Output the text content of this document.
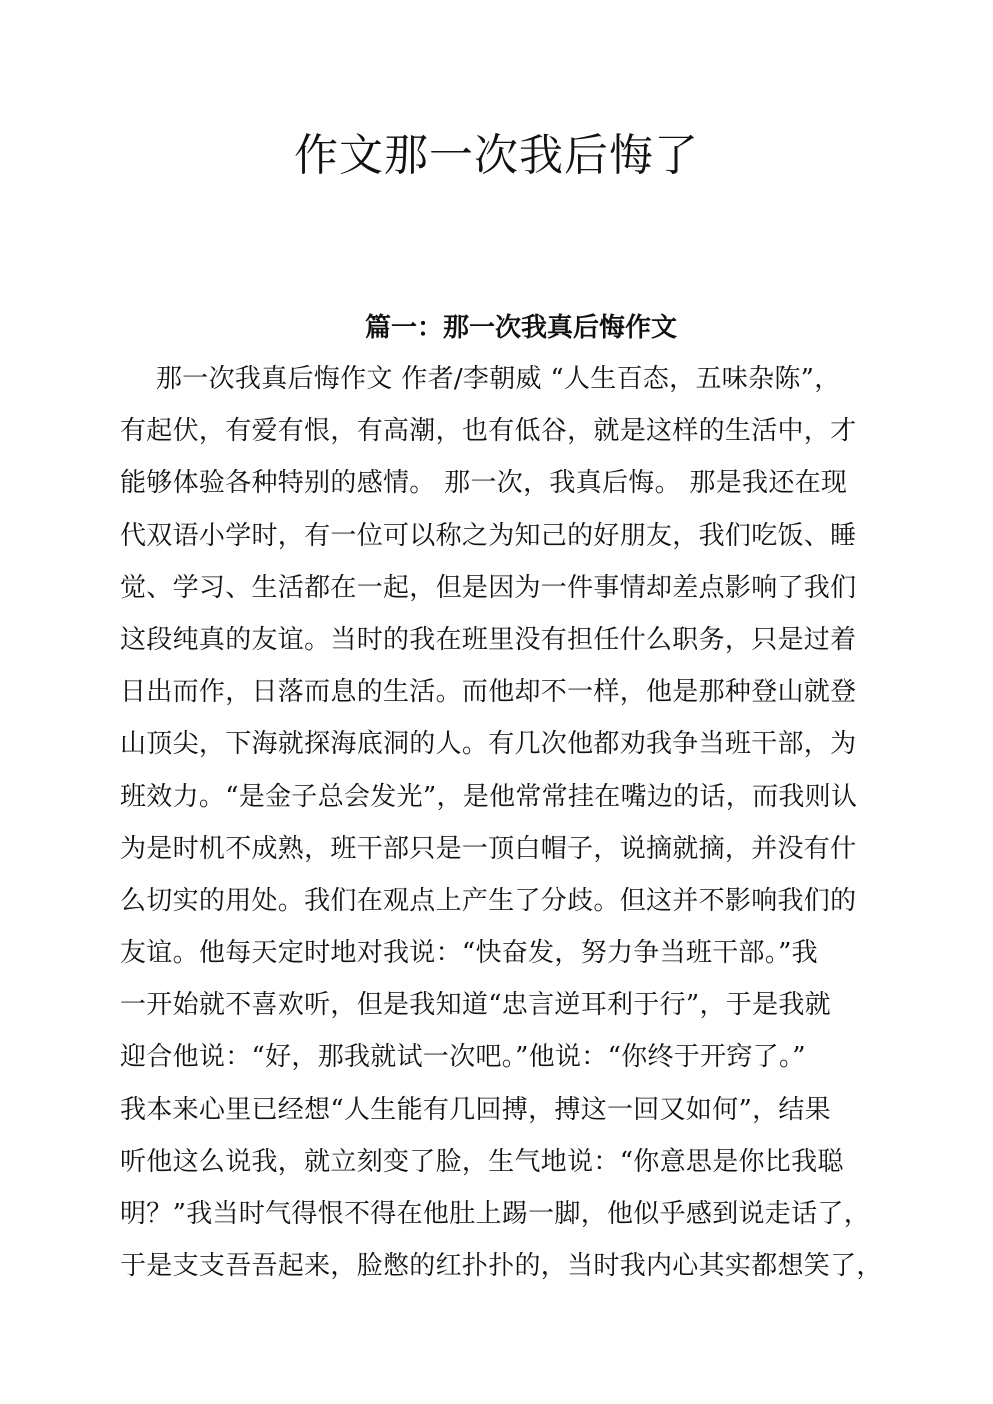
作文那一次我后悔了
篇一：那一次我真后悔作文
那一次我真后悔作文 作者/李朝威 “人生百态，五味杂陈”，
有起伏，有爱有恨，有高潮，也有低谷，就是这样的生活中，才
能够体验各种特别的感情。 那一次，我真后悔。 那是我还在现
代双语小学时，有一位可以称之为知己的好朋友，我们吃饭、睡
觉、学习、生活都在一起，但是因为一件事情却差点影响了我们
这段纯真的友谊。当时的我在班里没有担任什么职务，只是过着
日出而作，日落而息的生活。而他却不一样，他是那种登山就登
山顶尖，下海就探海底洞的人。有几次他都劝我争当班干部，为
班效力。“是金子总会发光”，是他常常挂在嘴边的话，而我则认
为是时机不成熟，班干部只是一顶白帽子，说摘就摘，并没有什
么切实的用处。我们在观点上产生了分歧。但这并不影响我们的
友谊。他每天定时地对我说：“快奋发，努力争当班干部。”我
一开始就不喜欢听，但是我知道“忠言逆耳利于行”，于是我就
迎合他说：“好，那我就试一次吧。”他说：“你终于开窍了。”
我本来心里已经想“人生能有几回搏，搏这一回又如何”，结果
听他这么说我，就立刻变了脸，生气地说：“你意思是你比我聪
明？”我当时气得恨不得在他肚上踢一脚，他似乎感到说走话了，
于是支支吾吾起来，脸憋的红扑扑的，当时我内心其实都想笑了，
